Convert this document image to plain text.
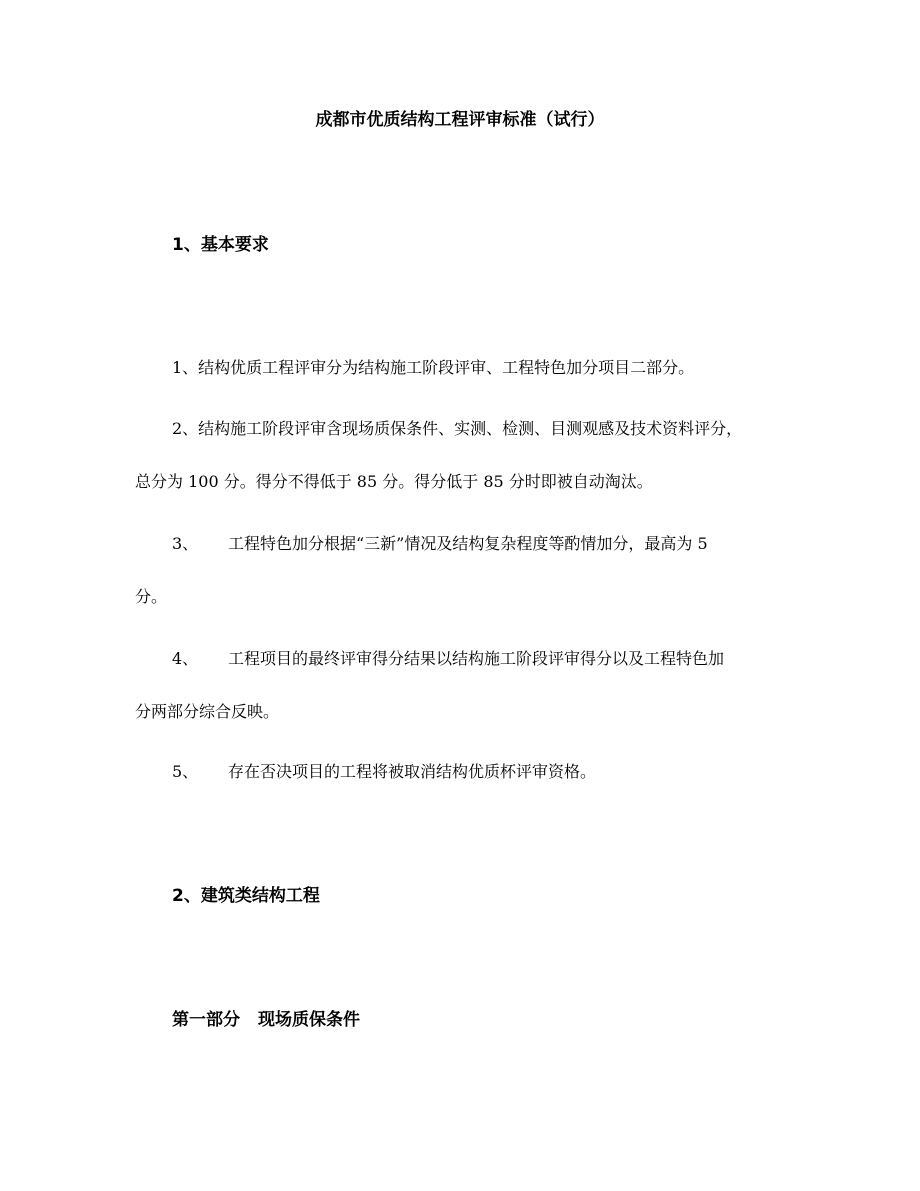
成都市优质结构工程评审标准（试行）
1、基本要求
1、结构优质工程评审分为结构施工阶段评审、工程特色加分项目二部分。
2、结构施工阶段评审含现场质保条件、实测、检测、目测观感及技术资料评分，
总分为 100 分。得分不得低于 85 分。得分低于 85 分时即被自动淘汰。
3、 工程特色加分根据“三新”情况及结构复杂程度等酌情加分，最高为 5
分。
4、 工程项目的最终评审得分结果以结构施工阶段评审得分以及工程特色加
分两部分综合反映。
5、 存在否决项目的工程将被取消结构优质杯评审资格。
2、建筑类结构工程
第一部分 现场质保条件
